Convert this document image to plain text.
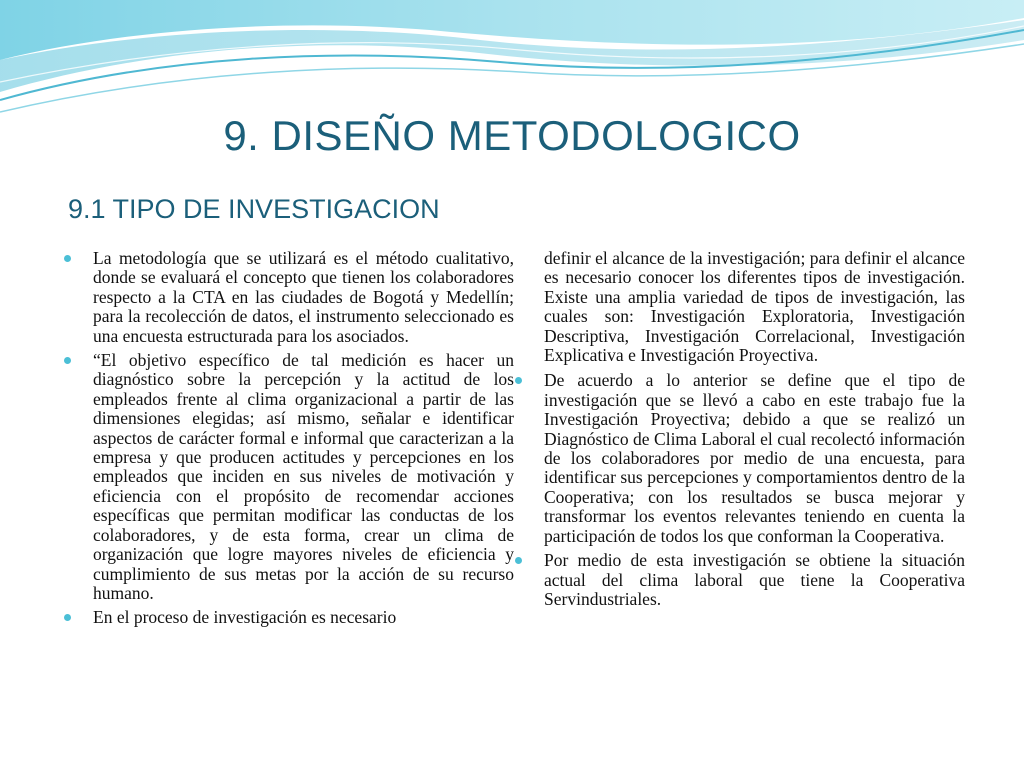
9. DISEÑO METODOLOGICO
9.1 TIPO DE INVESTIGACION
La metodología que se utilizará es el método cualitativo, donde se evaluará el concepto que tienen los colaboradores respecto a la CTA en las ciudades de Bogotá y Medellín; para la recolección de datos, el instrumento seleccionado es una encuesta estructurada para los asociados.
“El objetivo específico de tal medición es hacer un diagnóstico sobre la percepción y la actitud de los empleados frente al clima organizacional a partir de las dimensiones elegidas; así mismo, señalar e identificar aspectos de carácter formal e informal que caracterizan a la empresa y que producen actitudes y percepciones en los empleados que inciden en sus niveles de motivación y eficiencia con el propósito de recomendar acciones específicas que permitan modificar las conductas de los colaboradores, y de esta forma, crear un clima de organización que logre mayores niveles de eficiencia y cumplimiento de sus metas por la acción de su recurso humano.
En el proceso de investigación es necesario
definir el alcance de la investigación; para definir el alcance es necesario conocer los diferentes tipos de investigación. Existe una amplia variedad de tipos de investigación, las cuales son: Investigación Exploratoria, Investigación Descriptiva, Investigación Correlacional, Investigación Explicativa e Investigación Proyectiva.
De acuerdo a lo anterior se define que el tipo de investigación que se llevó a cabo en este trabajo fue la Investigación Proyectiva; debido a que se realizó un Diagnóstico de Clima Laboral el cual recolectó información de los colaboradores por medio de una encuesta, para identificar sus percepciones y comportamientos dentro de la Cooperativa; con los resultados se busca mejorar y transformar los eventos relevantes teniendo en cuenta la participación de todos los que conforman la Cooperativa.
Por medio de esta investigación se obtiene la situación actual del clima laboral que tiene la Cooperativa Servindustriales.
